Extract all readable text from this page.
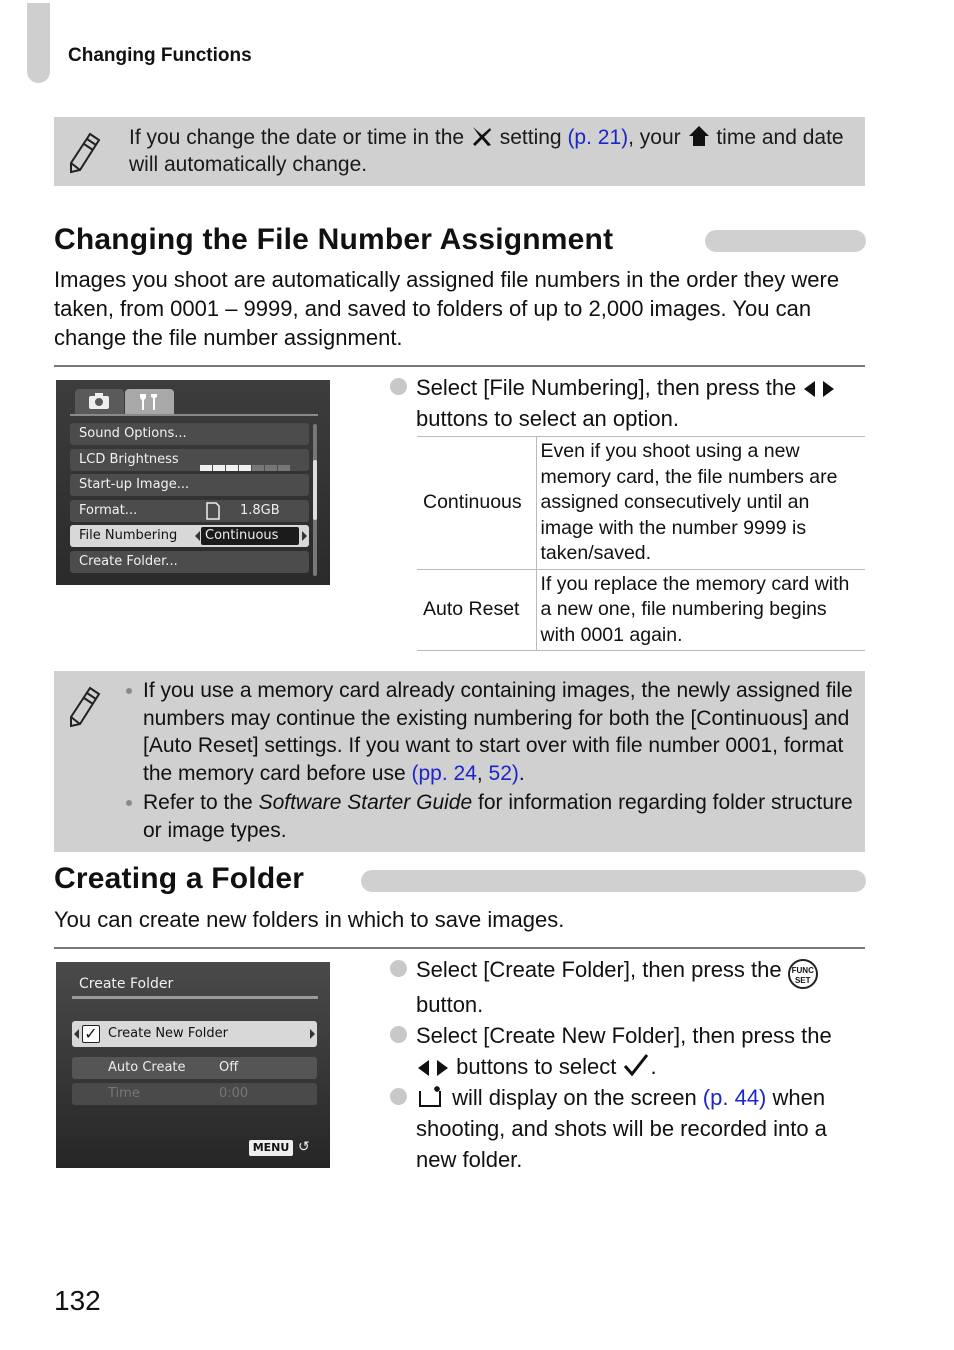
Changing Functions
If you change the date or time in the  setting (p. 21), your  time and date will automatically change.
Changing the File Number Assignment
Images you shoot are automatically assigned file numbers in the order they were taken, from 0001 – 9999, and saved to folders of up to 2,000 images. You can change the file number assignment.
Sound Options...
LCD Brightness
Start-up Image...
Format...	1.8GB
File Numbering	Continuous
Create Folder...
Select [File Numbering], then press the  buttons to select an option.
Continuous	Even if you shoot using a new memory card, the file numbers are assigned consecutively until an image with the number 9999 is taken/saved.
Auto Reset	If you replace the memory card with a new one, file numbering begins with 0001 again.
If you use a memory card already containing images, the newly assigned file numbers may continue the existing numbering for both the [Continuous] and [Auto Reset] settings. If you want to start over with file number 0001, format the memory card before use (pp. 24, 52).
Refer to the Software Starter Guide for information regarding folder structure or image types.
Creating a Folder
You can create new folders in which to save images.
Create Folder
✓ Create New Folder
Auto Create	Off
Time	0:00
MENU ↺
Select [Create Folder], then press the FUNC SET button.
Select [Create New Folder], then press the  buttons to select .
will display on the screen (p. 44) when shooting, and shots will be recorded into a new folder.
132
